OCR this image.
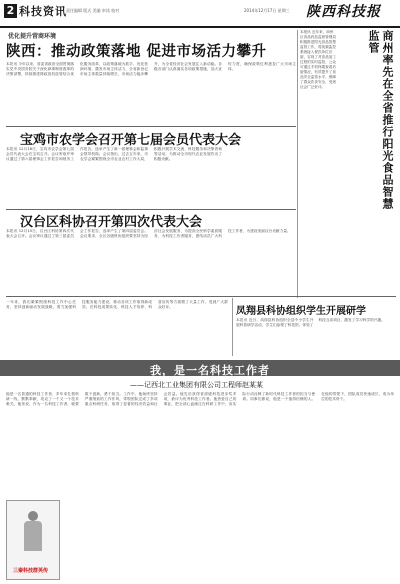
2 科技资讯 责任编辑 版式 美编 审读 校对	2014年12月17日 星期三 陕西科技报
优化提升营商环境
陕西：推动政策落地 促进市场活力攀升
本报讯 今年以来，省委省政府全面贯彻落实党中央国务院关于深化商事制度改革的决策部署，持续推进简政放权放管结合优化服务改革，以政策落地为抓手，优化营商环境，激发市场主体活力，全省新登记市场主体数量持续增长，市场活力稳步攀升，为全省经济社会发展注入新动能。各级各部门认真落实各项政策措施，加大宣传力度，确保政策红利惠及广大市场主体。
本报讯 近年来，商州区食品药品监督管理局积极推进阳光食品智慧监管工作，将视频监控系统接入餐饮单位后厨，实现了对食品加工过程的实时监管，公众可通过手机终端查看后厨情况，有效提升了食品安全监管水平，保障了群众饮食安全，受到社会广泛好评。	商州率先在全省推行阳光食品智慧监管
宝鸡市农学会召开第七届会员代表大会
本报讯 12月16日，宝鸡市农学会第七届会员代表大会在宝鸡召开。会议听取并审议通过了第六届理事会工作报告和财务工作报告，选举产生了新一届理事会和监事会领导机构。会议指出，过去五年来，市农学会紧紧围绕全市农业农村工作大局，积极开展学术交流、科技服务和决策咨询等活动，为推动全市现代农业发展作出了积极贡献。
汉台区科协召开第四次代表大会
本报讯 12月15日，汉台区科协第四次代表大会召开。会议审议通过了第三届委员会工作报告，选举产生了第四届委员会。会议要求，全区各级科协组织要坚持为经济社会发展服务、为提高全民科学素质服务、为科技工作者服务，团结动员广大科技工作者，为建设美丽汉台贡献力量。
一年来，我们紧紧围绕科技工作中心任务，坚持创新驱动发展战略，着力加强科技服务能力建设，推动各项工作取得新成效。在科技成果转化、科技人才培养、科普宣传等方面做了大量工作，受到广大群众好评。	凤翔县科协组织学生开展研学
本报讯 近日，凤翔县科协组织全县中小学生开展科普研学活动，学生们参观了科技馆，体验了科技互动项目，激发了学习科学的兴趣。
我，是一名科技工作者
——记西北工业集团有限公司工程师赵某某
他是一名普通的科技工作者，多年来扎根科研一线，默默奉献，攻克了一个又一个技术难关。他常说，作为一名科技工作者，就要敢于创新，勇于担当。工作中，他始终坚持严谨细致的工作作风，带领团队完成了多项重点科研任务，取得了显著的经济效益和社会效益。他先后获得省部级科技进步奖多项，被评为优秀科技工作者。他热爱自己的事业，把全部心血倾注在科研工作中，用实际行动诠释了新时代科技工作者的担当与使命。同事们都说，他是一个值得信赖的人。在他的带领下，团队成员快速成长，成为单位的技术骨干。
三秦科技群英传
